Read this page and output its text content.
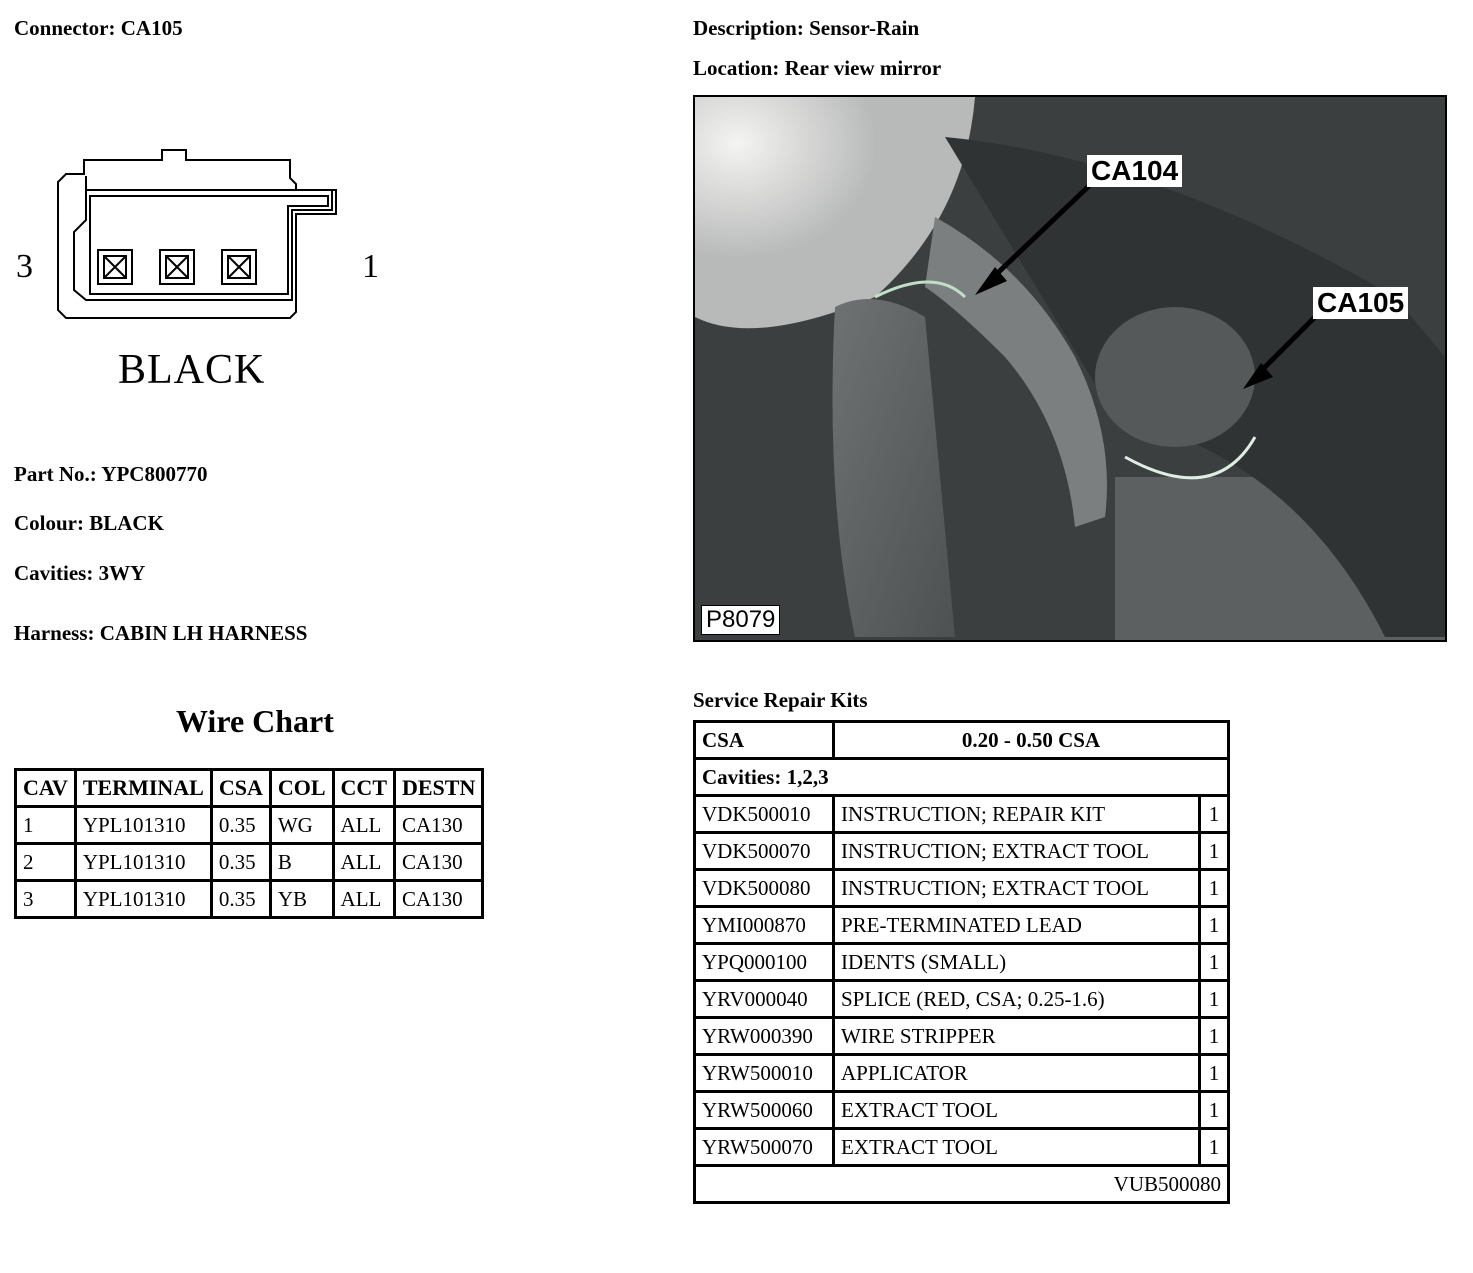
Connector: CA105	Description: Sensor-Rain
Location: Rear view mirror
3	1
BLACK
Part No.: YPC800770
Colour: BLACK
Cavities: 3WY
Harness: CABIN LH HARNESS
Wire Chart
CAV	TERMINAL	CSA	COL	CCT	DESTN
1	YPL101310	0.35	WG	ALL	CA130
2	YPL101310	0.35	B	ALL	CA130
3	YPL101310	0.35	YB	ALL	CA130
CA104
CA105
P8079
Service Repair Kits
CSA	0.20 - 0.50 CSA	
Cavities: 1,2,3		
VDK500010	INSTRUCTION; REPAIR KIT	1
VDK500070	INSTRUCTION; EXTRACT TOOL	1
VDK500080	INSTRUCTION; EXTRACT TOOL	1
YMI000870	PRE-TERMINATED LEAD	1
YPQ000100	IDENTS (SMALL)	1
YRV000040	SPLICE (RED, CSA; 0.25-1.6)	1
YRW000390	WIRE STRIPPER	1
YRW500010	APPLICATOR	1
YRW500060	EXTRACT TOOL	1
YRW500070	EXTRACT TOOL	1
VUB500080		
